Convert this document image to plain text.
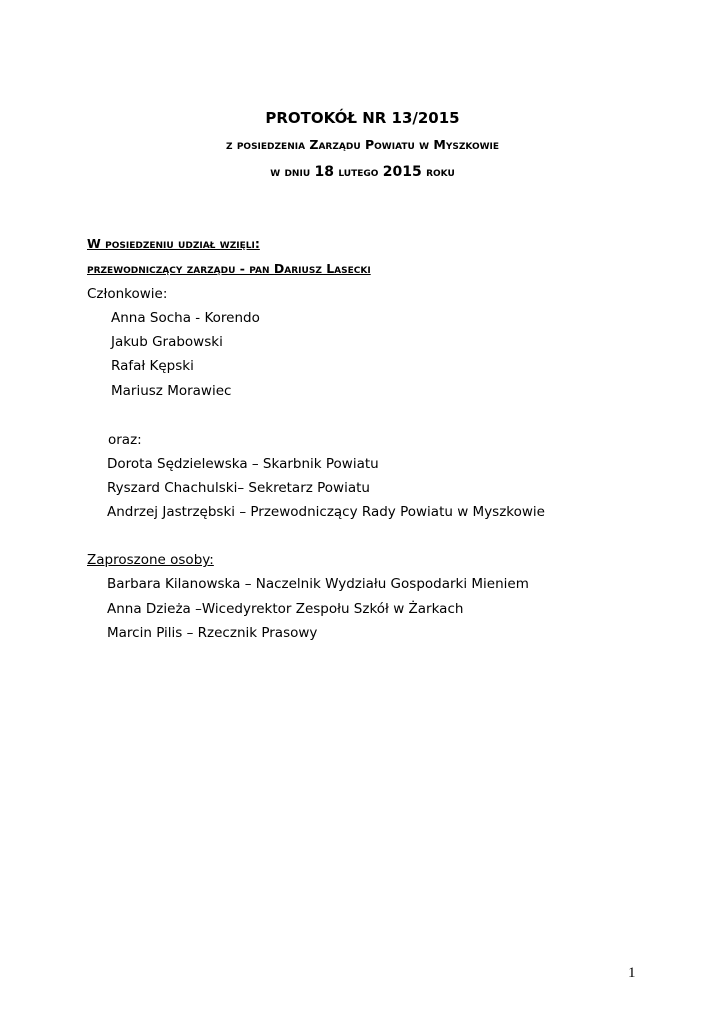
PROTOKÓŁ NR 13/2015
z posiedzenia Zarządu Powiatu w Myszkowie
w dniu 18 lutego 2015 roku
W posiedzeniu udział wzięli:
przewodniczący zarządu - pan Dariusz Lasecki
Członkowie:
Anna Socha - Korendo
Jakub Grabowski
Rafał Kępski
Mariusz Morawiec
oraz:
Dorota Sędzielewska – Skarbnik Powiatu
Ryszard Chachulski– Sekretarz Powiatu
Andrzej Jastrzębski – Przewodniczący Rady Powiatu w Myszkowie
Zaproszone osoby:
Barbara Kilanowska – Naczelnik Wydziału Gospodarki Mieniem
Anna Dzieża –Wicedyrektor Zespołu Szkół w Żarkach
Marcin Pilis – Rzecznik Prasowy
1
